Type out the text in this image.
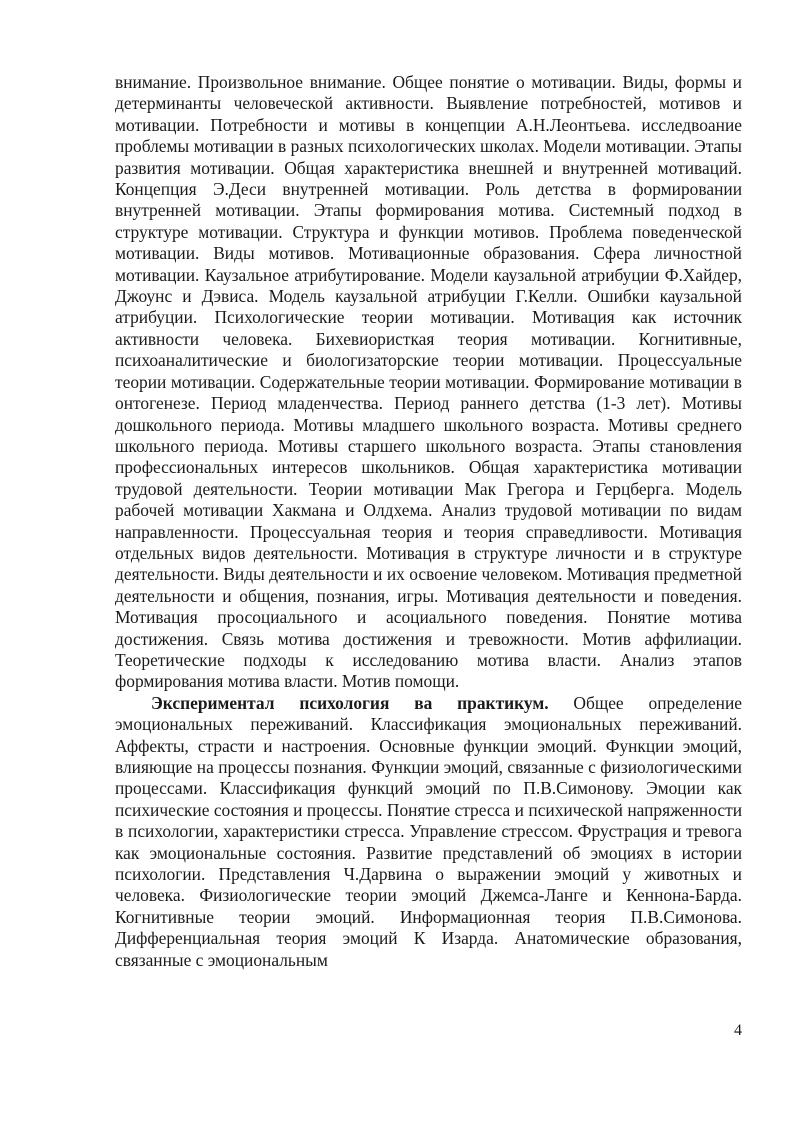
внимание. Произвольное внимание. Общее понятие о мотивации. Виды, формы и детерминанты человеческой активности. Выявление потребностей, мотивов и мотивации. Потребности и мотивы в концепции А.Н.Леонтьева. исследвоание проблемы мотивации в разных психологических школах. Модели мотивации. Этапы развития мотивации. Общая характеристика внешней и внутренней мотиваций. Концепция Э.Деси внутренней мотивации. Роль детства в формировании внутренней мотивации. Этапы формирования мотива. Системный подход в структуре мотивации. Структура и функции мотивов. Проблема поведенческой мотивации. Виды мотивов. Мотивационные образования. Сфера личностной мотивации. Каузальное атрибутирование. Модели каузальной атрибуции Ф.Хайдер, Джоунс и Дэвиса. Модель каузальной атрибуции Г.Келли. Ошибки каузальной атрибуции. Психологические теории мотивации. Мотивация как источник активности человека. Бихевиористкая теория мотивации. Когнитивные, психоаналитические и биологизаторские теории мотивации. Процессуальные теории мотивации. Содержательные теории мотивации. Формирование мотивации в онтогенезе. Период младенчества. Период раннего детства (1-3 лет). Мотивы дошкольного периода. Мотивы младшего школьного возраста. Мотивы среднего школьного периода. Мотивы старшего школьного возраста. Этапы становления профессиональных интересов школьников. Общая характеристика мотивации трудовой деятельности. Теории мотивации Мак Грегора и Герцберга. Модель рабочей мотивации Хакмана и Олдхема. Анализ трудовой мотивации по видам направленности. Процессуальная теория и теория справедливости. Мотивация отдельных видов деятельности. Мотивация в структуре личности и в структуре деятельности. Виды деятельности и их освоение человеком. Мотивация предметной деятельности и общения, познания, игры. Мотивация деятельности и поведения. Мотивация просоциального и асоциального поведения. Понятие мотива достижения. Связь мотива достижения и тревожности. Мотив аффилиации. Теоретические подходы к исследованию мотива власти. Анализ этапов формирования мотива власти. Мотив помощи.

Экспериментал психология ва практикум. Общее определение эмоциональных переживаний. Классификация эмоциональных переживаний. Аффекты, страсти и настроения. Основные функции эмоций. Функции эмоций, влияющие на процессы познания. Функции эмоций, связанные с физиологическими процессами. Классификация функций эмоций по П.В.Симонову. Эмоции как психические состояния и процессы. Понятие стресса и психической напряженности в психологии, характеристики стресса. Управление стрессом. Фрустрация и тревога как эмоциональные состояния. Развитие представлений об эмоциях в истории психологии. Представления Ч.Дарвина о выражении эмоций у животных и человека. Физиологические теории эмоций Джемса-Ланге и Кеннона-Барда. Когнитивные теории эмоций. Информационная теория П.В.Симонова. Дифференциальная теория эмоций К Изарда. Анатомические образования, связанные с эмоциональным

4
